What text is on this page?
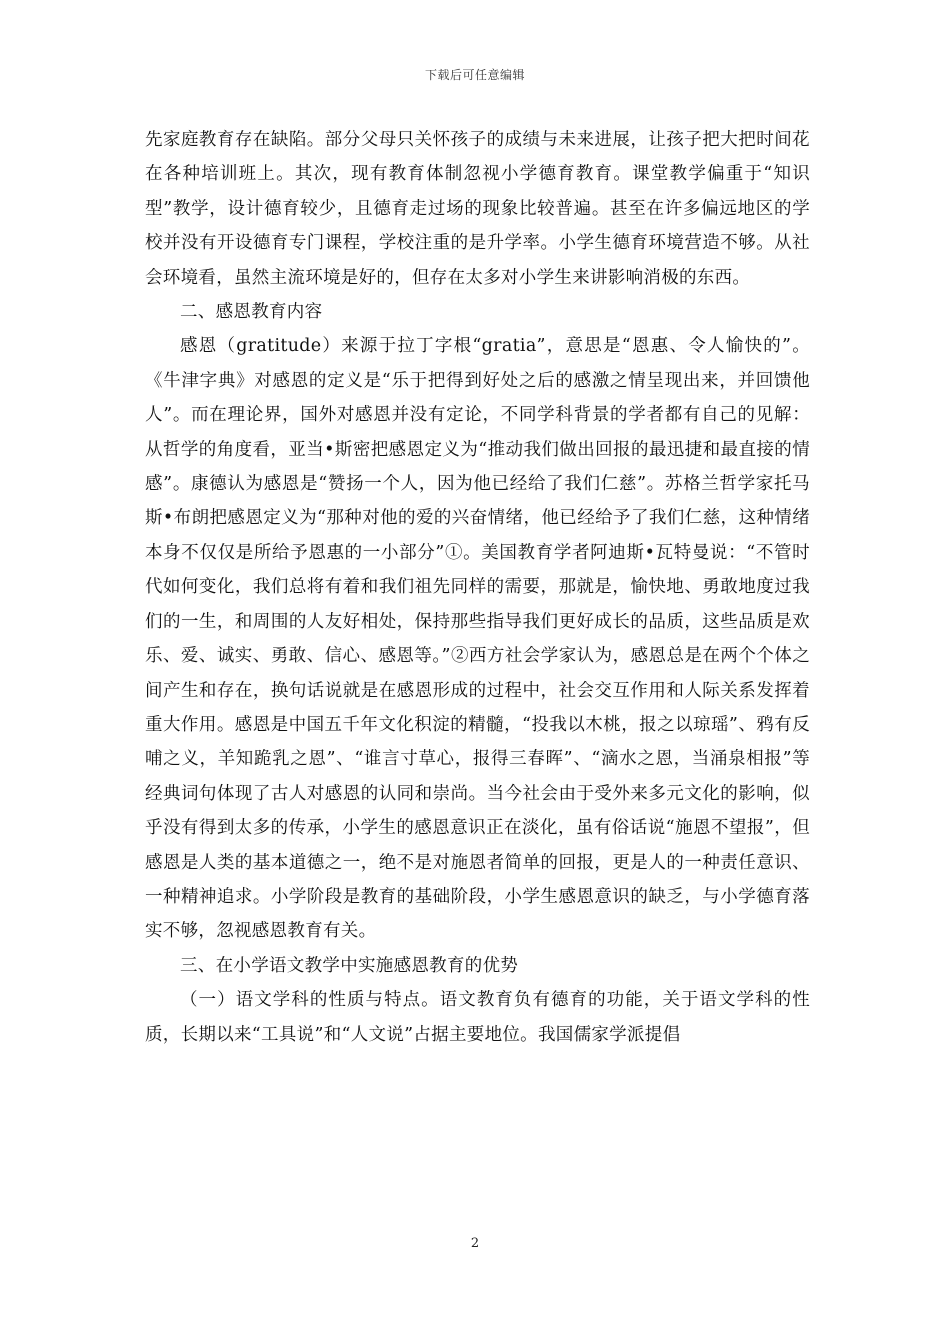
下载后可任意编辑

先家庭教育存在缺陷。部分父母只关怀孩子的成绩与未来进展，让孩子把大把时间花在各种培训班上。其次，现有教育体制忽视小学德育教育。课堂教学偏重于“知识型”教学，设计德育较少，且德育走过场的现象比较普遍。甚至在许多偏远地区的学校并没有开设德育专门课程，学校注重的是升学率。小学生德育环境营造不够。从社会环境看，虽然主流环境是好的，但存在太多对小学生来讲影响消极的东西。

二、感恩教育内容

感恩（gratitude）来源于拉丁字根“gratia”，意思是“恩惠、令人愉快的”。《牛津字典》对感恩的定义是“乐于把得到好处之后的感激之情呈现出来，并回馈他人”。而在理论界，国外对感恩并没有定论，不同学科背景的学者都有自己的见解：从哲学的角度看，亚当•斯密把感恩定义为“推动我们做出回报的最迅捷和最直接的情感”。康德认为感恩是“赞扬一个人，因为他已经给了我们仁慈”。苏格兰哲学家托马斯•布朗把感恩定义为“那种对他的爱的兴奋情绪，他已经给予了我们仁慈，这种情绪本身不仅仅是所给予恩惠的一小部分”①。美国教育学者阿迪斯•瓦特曼说：“不管时代如何变化，我们总将有着和我们祖先同样的需要，那就是，愉快地、勇敢地度过我们的一生，和周围的人友好相处，保持那些指导我们更好成长的品质，这些品质是欢乐、爱、诚实、勇敢、信心、感恩等。”②西方社会学家认为，感恩总是在两个个体之间产生和存在，换句话说就是在感恩形成的过程中，社会交互作用和人际关系发挥着重大作用。感恩是中国五千年文化积淀的精髓，“投我以木桃，报之以琼瑶”、鸦有反哺之义，羊知跪乳之恩”、“谁言寸草心，报得三春晖”、“滴水之恩，当涌泉相报”等经典词句体现了古人对感恩的认同和崇尚。当今社会由于受外来多元文化的影响，似乎没有得到太多的传承，小学生的感恩意识正在淡化，虽有俗话说“施恩不望报”，但感恩是人类的基本道德之一，绝不是对施恩者简单的回报，更是人的一种责任意识、一种精神追求。小学阶段是教育的基础阶段，小学生感恩意识的缺乏，与小学德育落实不够，忽视感恩教育有关。

三、在小学语文教学中实施感恩教育的优势

（一）语文学科的性质与特点。语文教育负有德育的功能，关于语文学科的性质，长期以来“工具说”和“人文说”占据主要地位。我国儒家学派提倡

2
